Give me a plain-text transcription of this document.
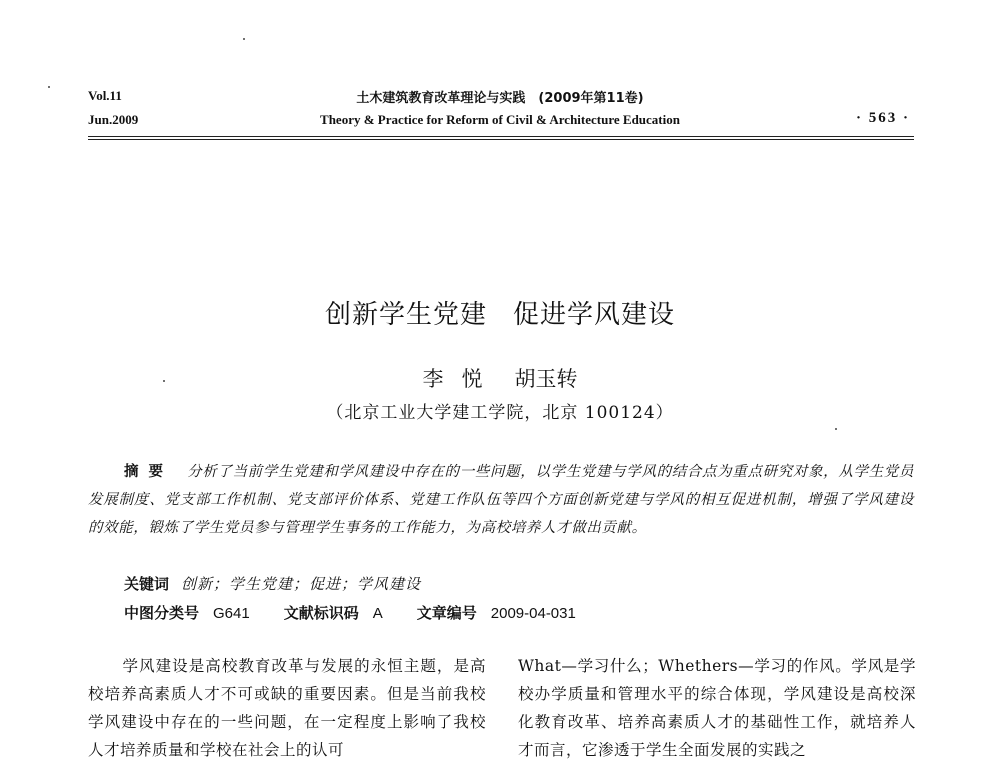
Vol.11
Jun.2009
土木建筑教育改革理论与实践　(2009年第11卷)
Theory & Practice for Reform of Civil & Architecture Education	· 563 ·
创新学生党建 促进学风建设
李悦 胡玉转
（北京工业大学建工学院，北京 100124）
摘要 分析了当前学生党建和学风建设中存在的一些问题，以学生党建与学风的结合点为重点研究对象，从学生党员发展制度、党支部工作机制、党支部评价体系、党建工作队伍等四个方面创新党建与学风的相互促进机制，增强了学风建设的效能，锻炼了学生党员参与管理学生事务的工作能力，为高校培养人才做出贡献。
关键词 创新；学生党建；促进；学风建设
中图分类号 G641 文献标识码 A 文章编号 2009-04-031
学风建设是高校教育改革与发展的永恒主题，是高校培养高素质人才不可或缺的重要因素。但是当前我校学风建设中存在的一些问题，在一定程度上影响了我校人才培养质量和学校在社会上的认可
What—学习什么；Whethers—学习的作风。学风是学校办学质量和管理水平的综合体现，学风建设是高校深化教育改革、培养高素质人才的基础性工作，就培养人才而言，它渗透于学生全面发展的实践之
